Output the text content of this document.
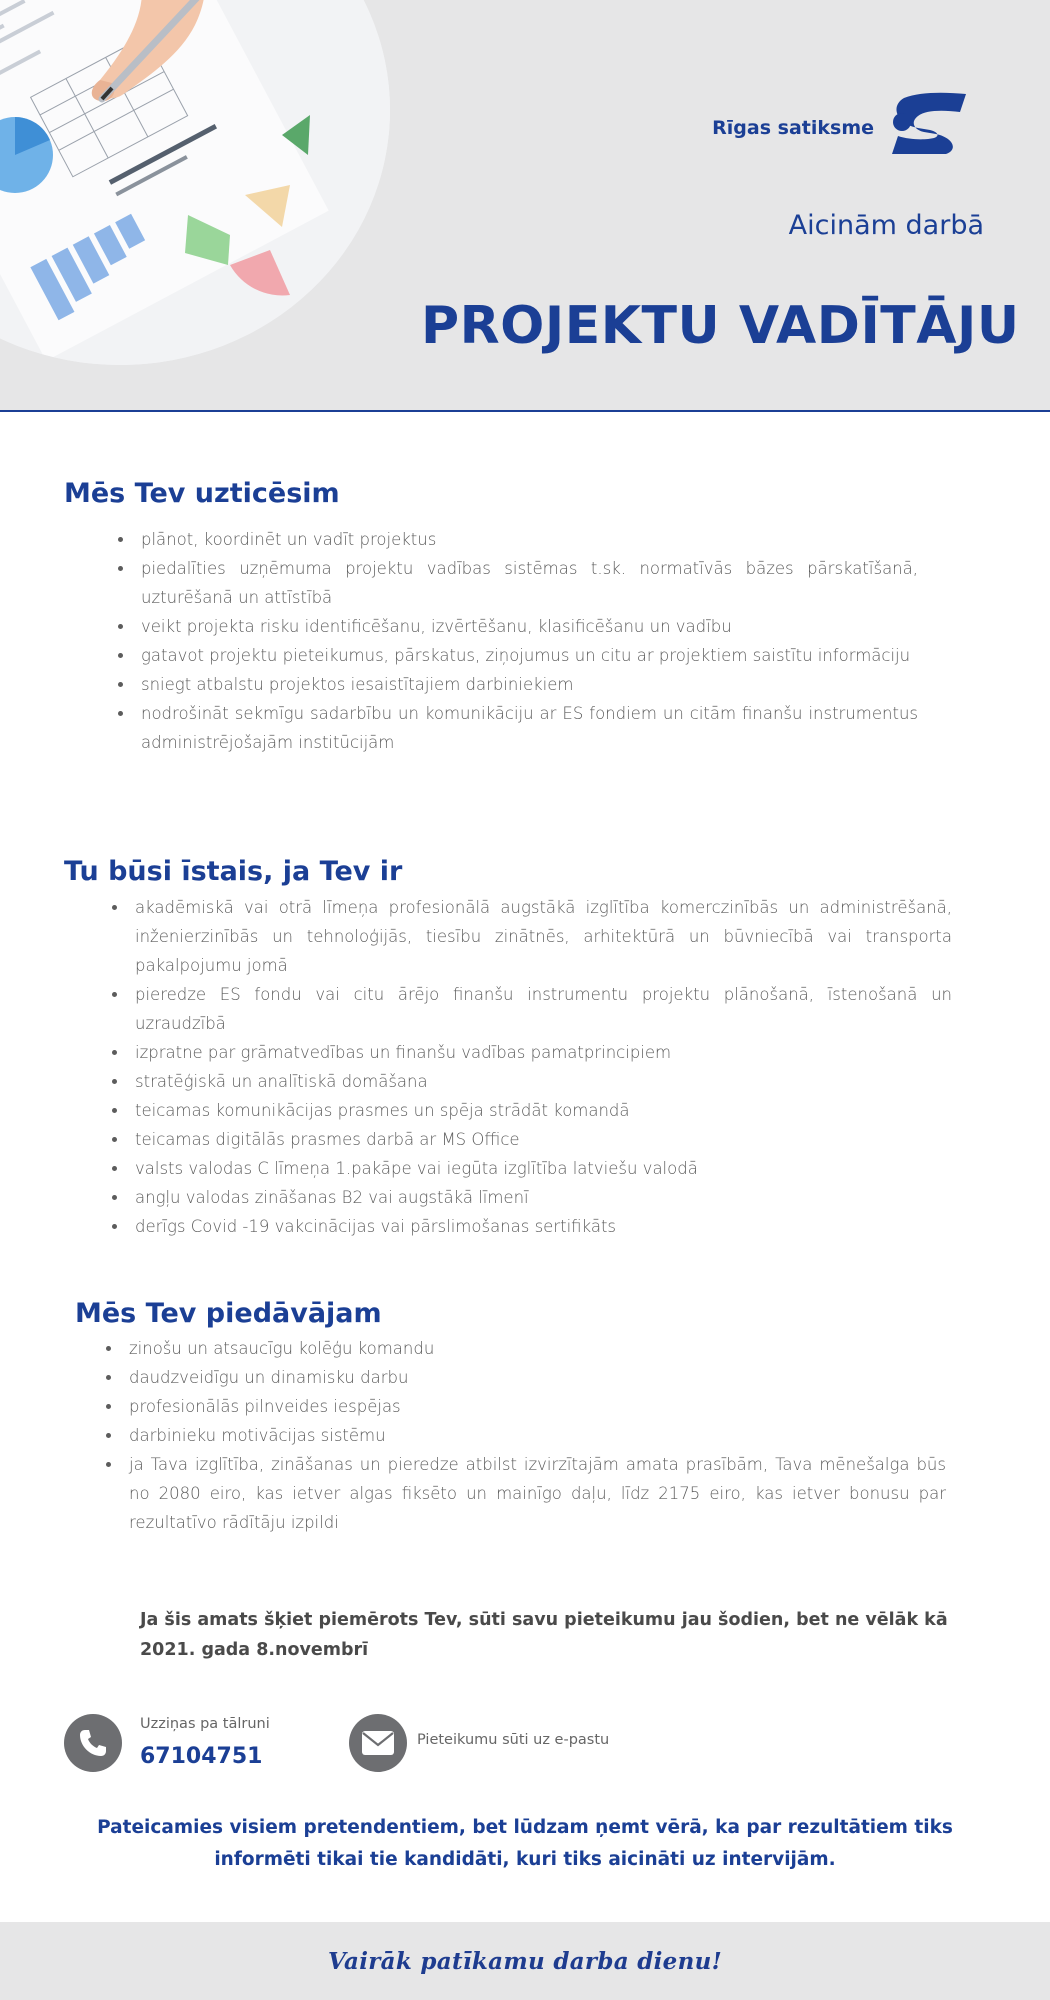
Rīgas satiksme
Aicinām darbā
PROJEKTU VADĪTĀJU
Mēs Tev uzticēsim
plānot, koordinēt un vadīt projektus
piedalīties uzņēmuma projektu vadības sistēmas t.sk. normatīvās bāzes pārskatīšanā, uzturēšanā un attīstībā
veikt projekta risku identificēšanu, izvērtēšanu, klasificēšanu un vadību
gatavot projektu pieteikumus, pārskatus, ziņojumus un citu ar projektiem saistītu informāciju
sniegt atbalstu projektos iesaistītajiem darbiniekiem
nodrošināt sekmīgu sadarbību un komunikāciju ar ES fondiem un citām finanšu instrumentus administrējošajām institūcijām
Tu būsi īstais, ja Tev ir
akadēmiskā vai otrā līmeņa profesionālā augstākā izglītība komerczinībās un administrēšanā, inženierzinībās un tehnoloģijās, tiesību zinātnēs, arhitektūrā un būvniecībā vai transporta pakalpojumu jomā
pieredze ES fondu vai citu ārējo finanšu instrumentu projektu plānošanā, īstenošanā un uzraudzībā
izpratne par grāmatvedības un finanšu vadības pamatprincipiem
stratēģiskā un analītiskā domāšana
teicamas komunikācijas prasmes un spēja strādāt komandā
teicamas digitālās prasmes darbā ar MS Office
valsts valodas C līmeņa 1.pakāpe vai iegūta izglītība latviešu valodā
angļu valodas zināšanas B2 vai augstākā līmenī
derīgs Covid -19 vakcinācijas vai pārslimošanas sertifikāts
Mēs Tev piedāvājam
zinošu un atsaucīgu kolēģu komandu
daudzveidīgu un dinamisku darbu
profesionālās pilnveides iespējas
darbinieku motivācijas sistēmu
ja Tava izglītība, zināšanas un pieredze atbilst izvirzītajām amata prasībām, Tava mēnešalga būs no 2080 eiro, kas ietver algas fiksēto un mainīgo daļu, līdz 2175 eiro, kas ietver bonusu par rezultatīvo rādītāju izpildi
Ja šis amats šķiet piemērots Tev, sūti savu pieteikumu jau šodien, bet ne vēlāk kā 2021. gada 8.novembrī
Uzziņas pa tālruni
67104751
Pieteikumu sūti uz e-pastu
Pateicamies visiem pretendentiem, bet lūdzam ņemt vērā, ka par rezultātiem tiks informēti tikai tie kandidāti, kuri tiks aicināti uz intervijām.
Vairāk patīkamu darba dienu!
